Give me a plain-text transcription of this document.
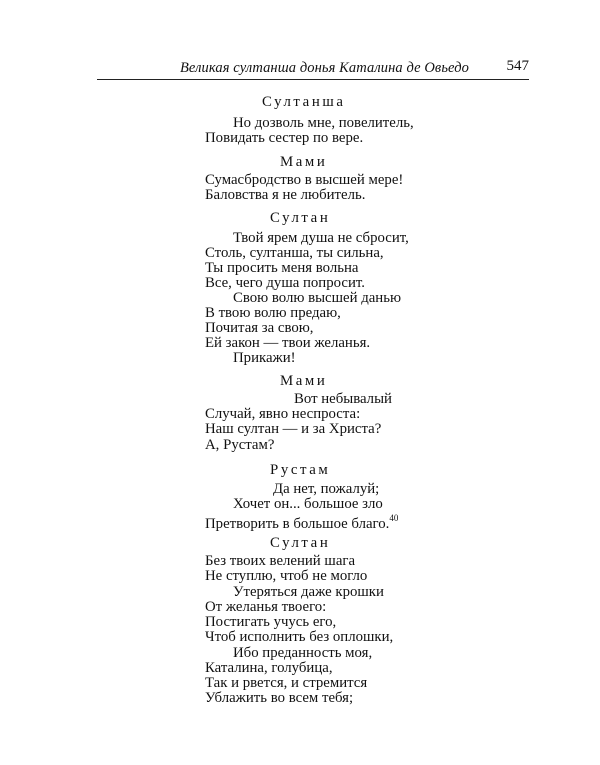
Великая султанша донья Каталина де Овьедо	547
Султанша
Но дозволь мне, повелитель,
Повидать сестер по вере.
Мами
Сумасбродство в высшей мере!
Баловства я не любитель.
Султан
Твой ярем душа не сбросит,
Столь, султанша, ты сильна,
Ты просить меня вольна
Все, чего душа попросит.
Свою волю высшей данью
В твою волю предаю,
Почитая за свою,
Ей закон — твои желанья.
Прикажи!
Мами
Вот небывалый
Случай, явно неспроста:
Наш султан — и за Христа?
А, Рустам?
Рустам
Да нет, пожалуй;
Хочет он... большое зло
Претворить в большое благо.$^{40}$
Султан
Без твоих велений шага
Не ступлю, чтоб не могло
Утеряться даже крошки
От желанья твоего:
Постигать учусь его,
Чтоб исполнить без оплошки,
Ибо преданность моя,
Каталина, голубица,
Так и рвется, и стремится
Ублажить во всем тебя;
